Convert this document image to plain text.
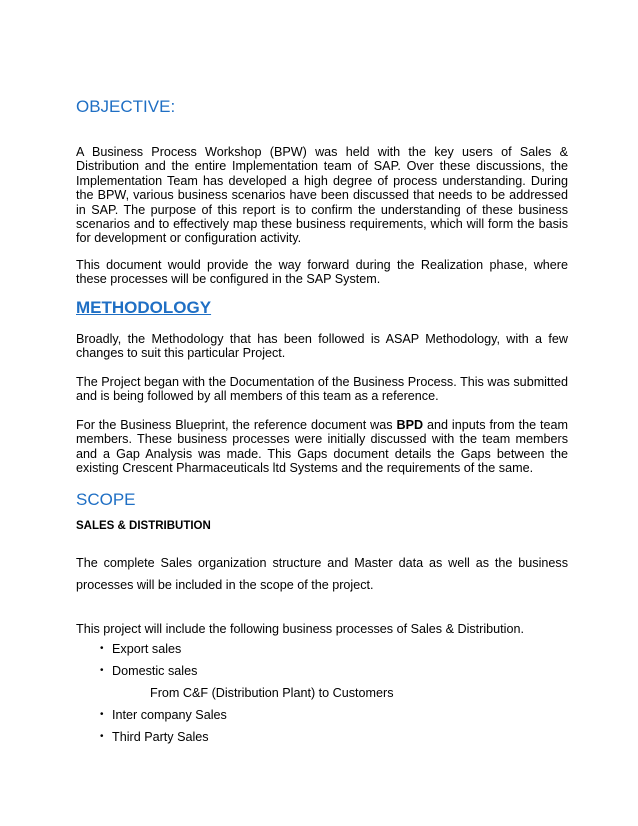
OBJECTIVE:

A Business Process Workshop (BPW) was held with the key users of Sales & Distribution and the entire Implementation team of SAP. Over these discussions, the Implementation Team has developed a high degree of process understanding. During the BPW, various business scenarios have been discussed that needs to be addressed in SAP. The purpose of this report is to confirm the understanding of these business scenarios and to effectively map these business requirements, which will form the basis for development or configuration activity.

This document would provide the way forward during the Realization phase, where these processes will be configured in the SAP System.

METHODOLOGY

Broadly, the Methodology that has been followed is ASAP Methodology, with a few changes to suit this particular Project.

The Project began with the Documentation of the Business Process. This was submitted and is being followed by all members of this team as a reference.

For the Business Blueprint, the reference document was BPD and inputs from the team members. These business processes were initially discussed with the team members and a Gap Analysis was made. This Gaps document details the Gaps between the existing Crescent Pharmaceuticals ltd Systems and the requirements of the same.

SCOPE
SALES & DISTRIBUTION

The complete Sales organization structure and Master data as well as the business processes will be included in the scope of the project.

This project will include the following business processes of Sales & Distribution.

• Export sales
• Domestic sales
From C&F (Distribution Plant) to Customers
• Inter company Sales
• Third Party Sales
